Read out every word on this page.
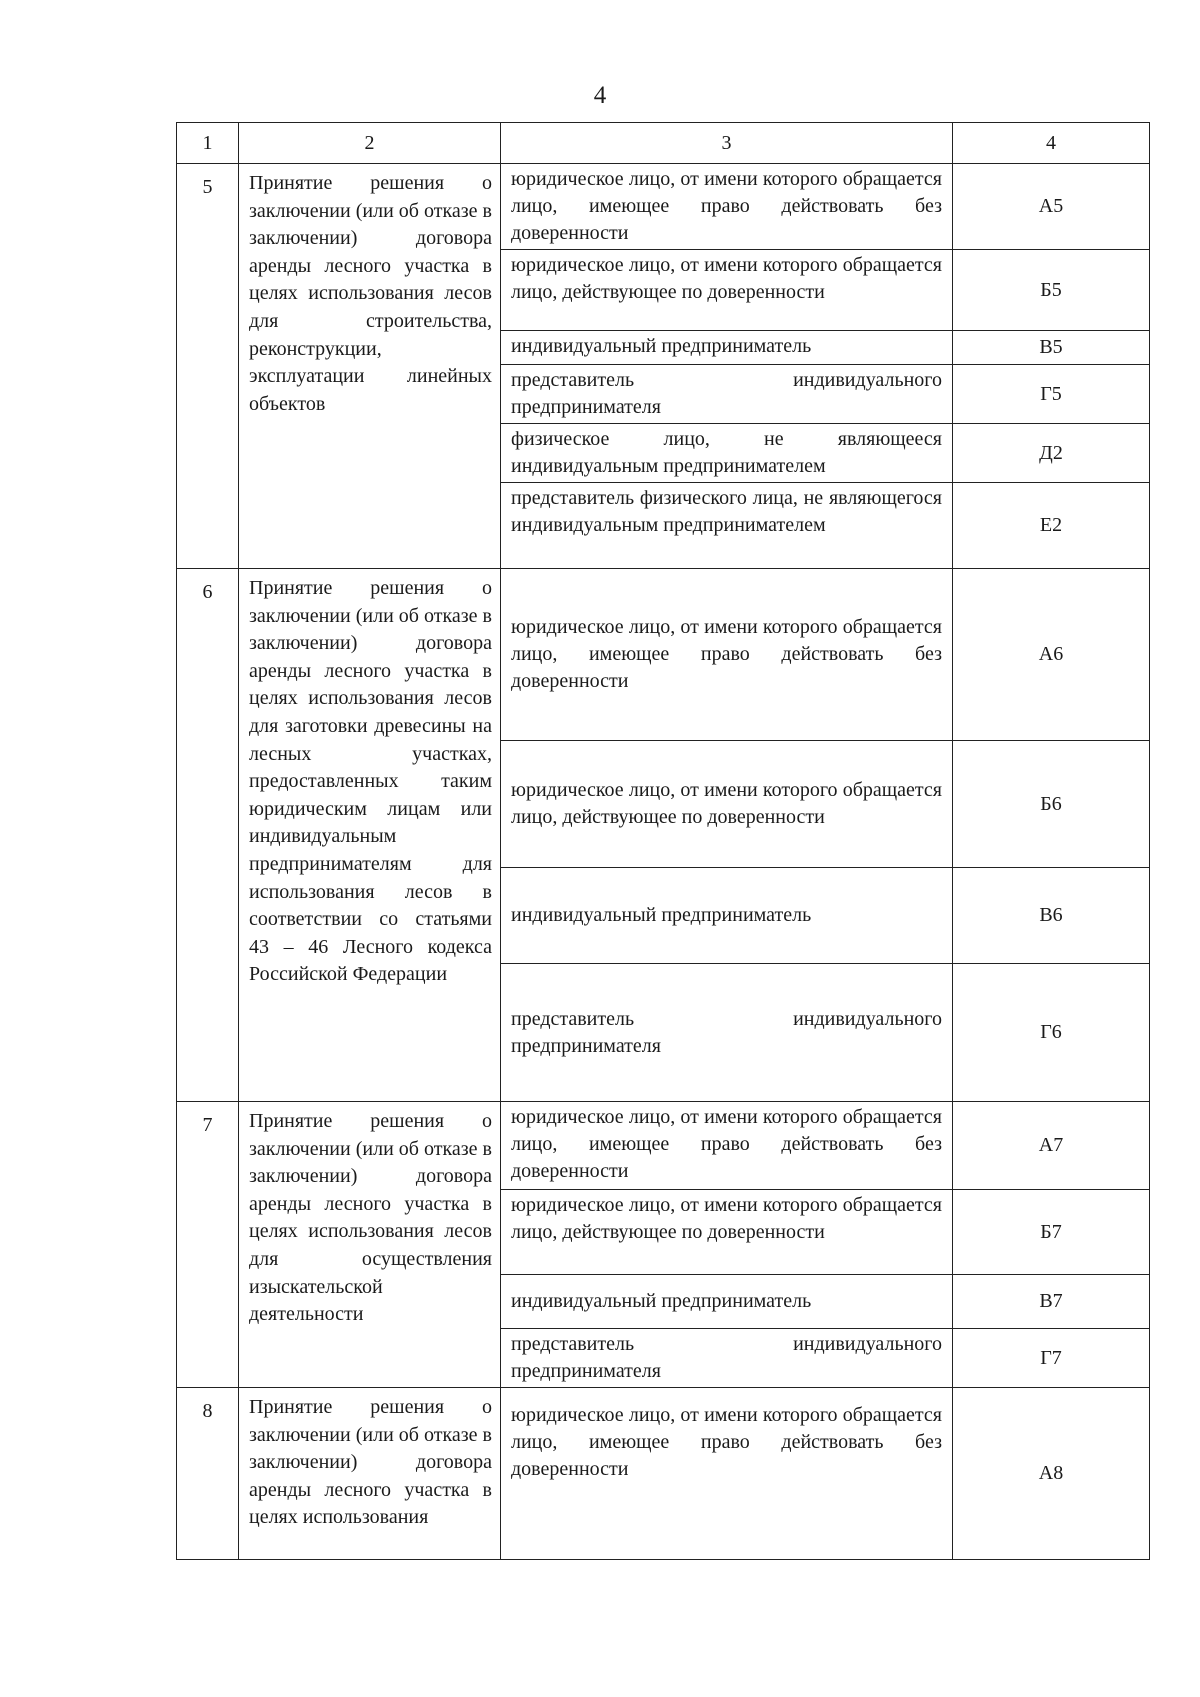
4
1	2	3	4
5	Принятие решения о заключении (или об отказе в заключении) договора аренды лесного участка в целях использования лесов для строительства, реконструкции, эксплуатации линейных объектов	юридическое лицо, от имени которого обращается лицо, имеющее право действовать без доверенности	А5
		юридическое лицо, от имени которого обращается лицо, действующее по доверенности	Б5
		индивидуальный предприниматель	В5
		представитель индивидуального предпринимателя	Г5
		физическое лицо, не являющееся индивидуальным предпринимателем	Д2
		представитель физического лица, не являющегося индивидуальным предпринимателем	Е2
6	Принятие решения о заключении (или об отказе в заключении) договора аренды лесного участка в целях использования лесов для заготовки древесины на лесных участках, предоставленных таким юридическим лицам или индивидуальным предпринимателям для использования лесов в соответствии со статьями 43 – 46 Лесного кодекса Российской Федерации	юридическое лицо, от имени которого обращается лицо, имеющее право действовать без доверенности	А6
		юридическое лицо, от имени которого обращается лицо, действующее по доверенности	Б6
		индивидуальный предприниматель	В6
		представитель индивидуального предпринимателя	Г6
7	Принятие решения о заключении (или об отказе в заключении) договора аренды лесного участка в целях использования лесов для осуществления изыскательской деятельности	юридическое лицо, от имени которого обращается лицо, имеющее право действовать без доверенности	А7
		юридическое лицо, от имени которого обращается лицо, действующее по доверенности	Б7
		индивидуальный предприниматель	В7
		представитель индивидуального предпринимателя	Г7
8	Принятие решения о заключении (или об отказе в заключении) договора аренды лесного участка в целях использования	юридическое лицо, от имени которого обращается лицо, имеющее право действовать без доверенности	А8
